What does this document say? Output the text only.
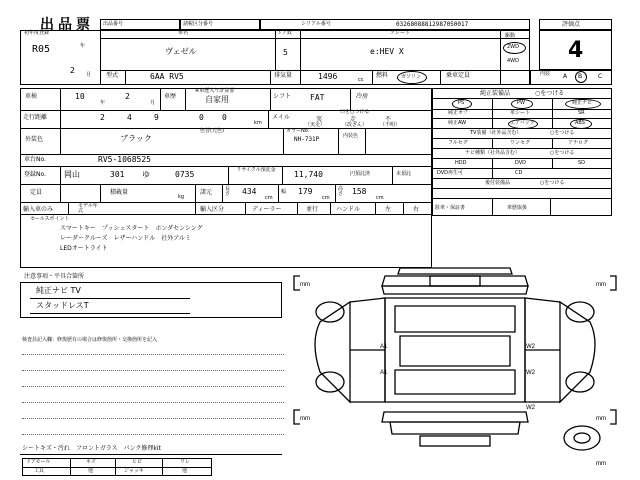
出品票 出品番号	諸税区分番号	シリアル番号	03268088812987050017	評価点
4
初年度登録
R05	年
2 月
車名
ヴェゼル
ドア数
5
グレード
e:HEV X
駆動
2WD
4WD
型式	6AA RV5	排気量	1496	cc
燃料	ガソリン	乗車定員	内装 A B	C
車検	10
年
2
月
車歴
※車歴入り計算要
自家用	シフト FAT	冷房
走行距離	2	4	9	0 0
km
メイル
口を○つける
実	走	不
（実走）	（改ざん）	（不明）
外装色	ブラック
色替(元色)	カラーNo.
NH-731P	内装色
車台No.	RV5-1068525
登録No. 岡山	301 ゆ	0735	リサイクル預託金	11,740	円預託済	未預託
定員	積載量
kg
諸元	長さ	434
cm
幅 179
cm
高さ	158
cm
輸入車のみ	モデル年式	輸入区分	ディーラー	並行	ハンドル	左	右
セールスポイント
スマートキー　プッシュスタート　ホンダセンシング
レーダークルーズ　レザーハンドル　社外アルミ
LEDオートライト
純正装備品	○をつける
PS	PW	純正ナビ
純正オプ	革シート	SR
純正AW	エアバッグ	ABS
TV装備（社外品含む）	○をつける
フルセグ	ワンセグ	アナログ
ナビ種類（社外品含む）	○をつける
HDD	DVD	SD
DVD再生可	CD
後付装備品	○をつける
駐車・保証書	車歴取扱
注意事項・平具合箇所
純正ナビ TV
スタッドレスT
検査員記入欄：修復歴有の場合は修復箇所・交換箇所を記入
シートキズ・汚れ　フロントガラス　パンク修理kit
ドアモール	キズ	ヒビ	ワレ
工具	他	ジャッキ	他
mm	mm
mm	mm
mm
A1
A1
W2
W2
W2
